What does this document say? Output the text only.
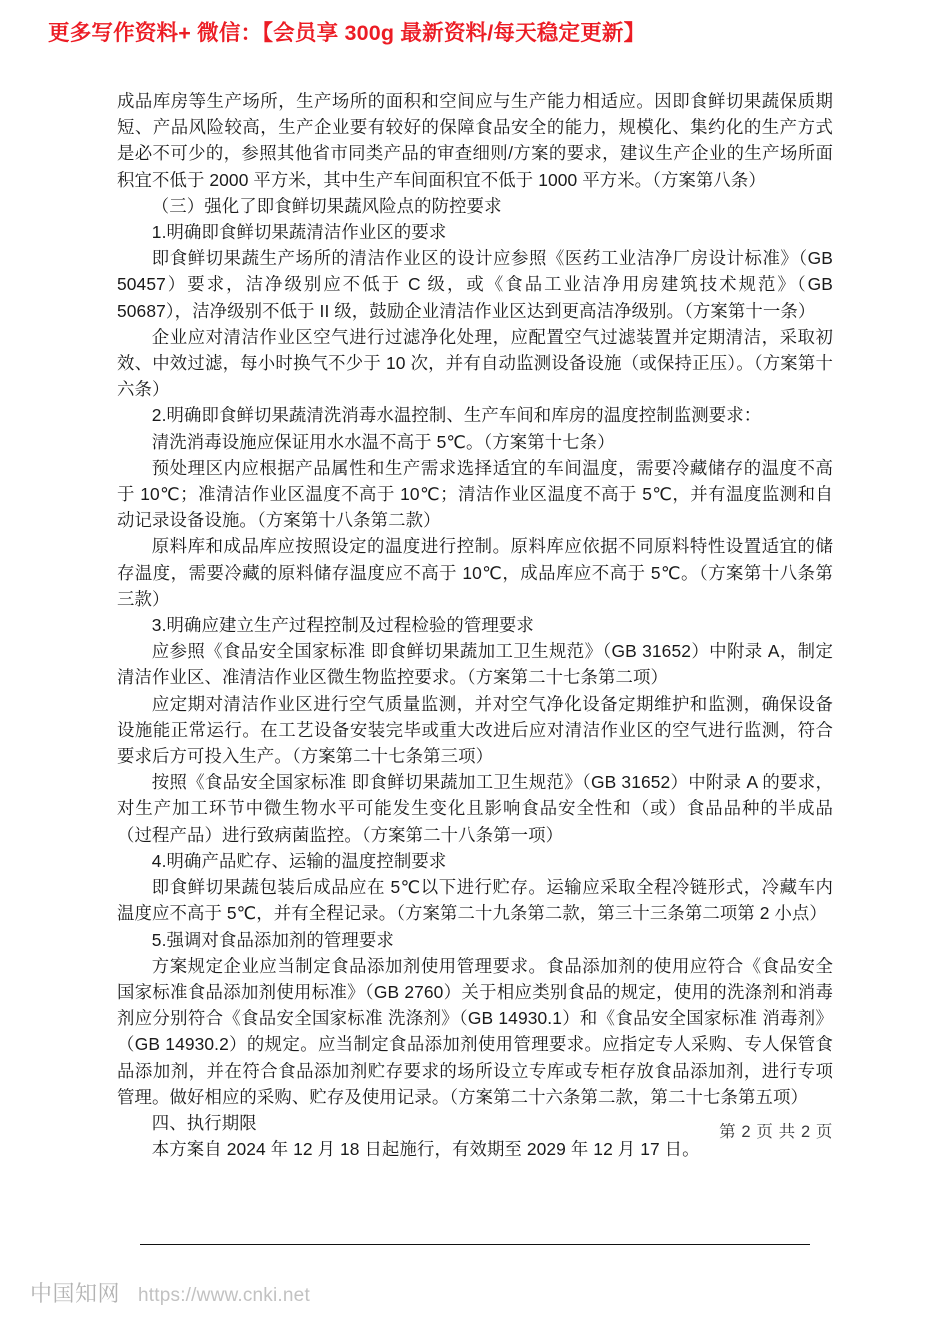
更多写作资料+ 微信：【会员享 300g 最新资料/每天稳定更新】

成品库房等生产场所，生产场所的面积和空间应与生产能力相适应。因即食鲜切果蔬保质期短、产品风险较高，生产企业要有较好的保障食品安全的能力，规模化、集约化的生产方式是必不可少的，参照其他省市同类产品的审查细则/方案的要求，建议生产企业的生产场所面积宜不低于 2000 平方米，其中生产车间面积宜不低于 1000 平方米。（方案第八条）

（三）强化了即食鲜切果蔬风险点的防控要求

1.明确即食鲜切果蔬清洁作业区的要求

即食鲜切果蔬生产场所的清洁作业区的设计应参照《医药工业洁净厂房设计标准》（GB 50457）要求，洁净级别应不低于 C 级，或《食品工业洁净用房建筑技术规范》（GB 50687），洁净级别不低于 II 级，鼓励企业清洁作业区达到更高洁净级别。（方案第十一条）

企业应对清洁作业区空气进行过滤净化处理，应配置空气过滤装置并定期清洁，采取初效、中效过滤，每小时换气不少于 10 次，并有自动监测设备设施（或保持正压）。（方案第十六条）

2.明确即食鲜切果蔬清洗消毒水温控制、生产车间和库房的温度控制监测要求：

清洗消毒设施应保证用水水温不高于 5℃。（方案第十七条）

预处理区内应根据产品属性和生产需求选择适宜的车间温度，需要冷藏储存的温度不高于 10℃；准清洁作业区温度不高于 10℃；清洁作业区温度不高于 5℃，并有温度监测和自动记录设备设施。（方案第十八条第二款）

原料库和成品库应按照设定的温度进行控制。原料库应依据不同原料特性设置适宜的储存温度，需要冷藏的原料储存温度应不高于 10℃，成品库应不高于 5℃。（方案第十八条第三款）

3.明确应建立生产过程控制及过程检验的管理要求

应参照《食品安全国家标准 即食鲜切果蔬加工卫生规范》（GB 31652）中附录 A，制定清洁作业区、准清洁作业区微生物监控要求。（方案第二十七条第二项）

应定期对清洁作业区进行空气质量监测，并对空气净化设备定期维护和监测，确保设备设施能正常运行。在工艺设备安装完毕或重大改进后应对清洁作业区的空气进行监测，符合要求后方可投入生产。（方案第二十七条第三项）

按照《食品安全国家标准 即食鲜切果蔬加工卫生规范》（GB 31652）中附录 A 的要求，对生产加工环节中微生物水平可能发生变化且影响食品安全性和（或）食品品种的半成品（过程产品）进行致病菌监控。（方案第二十八条第一项）

4.明确产品贮存、运输的温度控制要求

即食鲜切果蔬包装后成品应在 5℃以下进行贮存。运输应采取全程冷链形式，冷藏车内温度应不高于 5℃，并有全程记录。（方案第二十九条第二款，第三十三条第二项第 2 小点）

5.强调对食品添加剂的管理要求

方案规定企业应当制定食品添加剂使用管理要求。食品添加剂的使用应符合《食品安全国家标准食品添加剂使用标准》（GB 2760）关于相应类别食品的规定，使用的洗涤剂和消毒剂应分别符合《食品安全国家标准 洗涤剂》（GB 14930.1）和《食品安全国家标准 消毒剂》（GB 14930.2）的规定。应当制定食品添加剂使用管理要求。应指定专人采购、专人保管食品添加剂，并在符合食品添加剂贮存要求的场所设立专库或专柜存放食品添加剂，进行专项管理。做好相应的采购、贮存及使用记录。（方案第二十六条第二款，第二十七条第五项）

四、执行期限

本方案自 2024 年 12 月 18 日起施行，有效期至 2029 年 12 月 17 日。

第 2 页 共 2 页
中国知网 https://www.cnki.net
